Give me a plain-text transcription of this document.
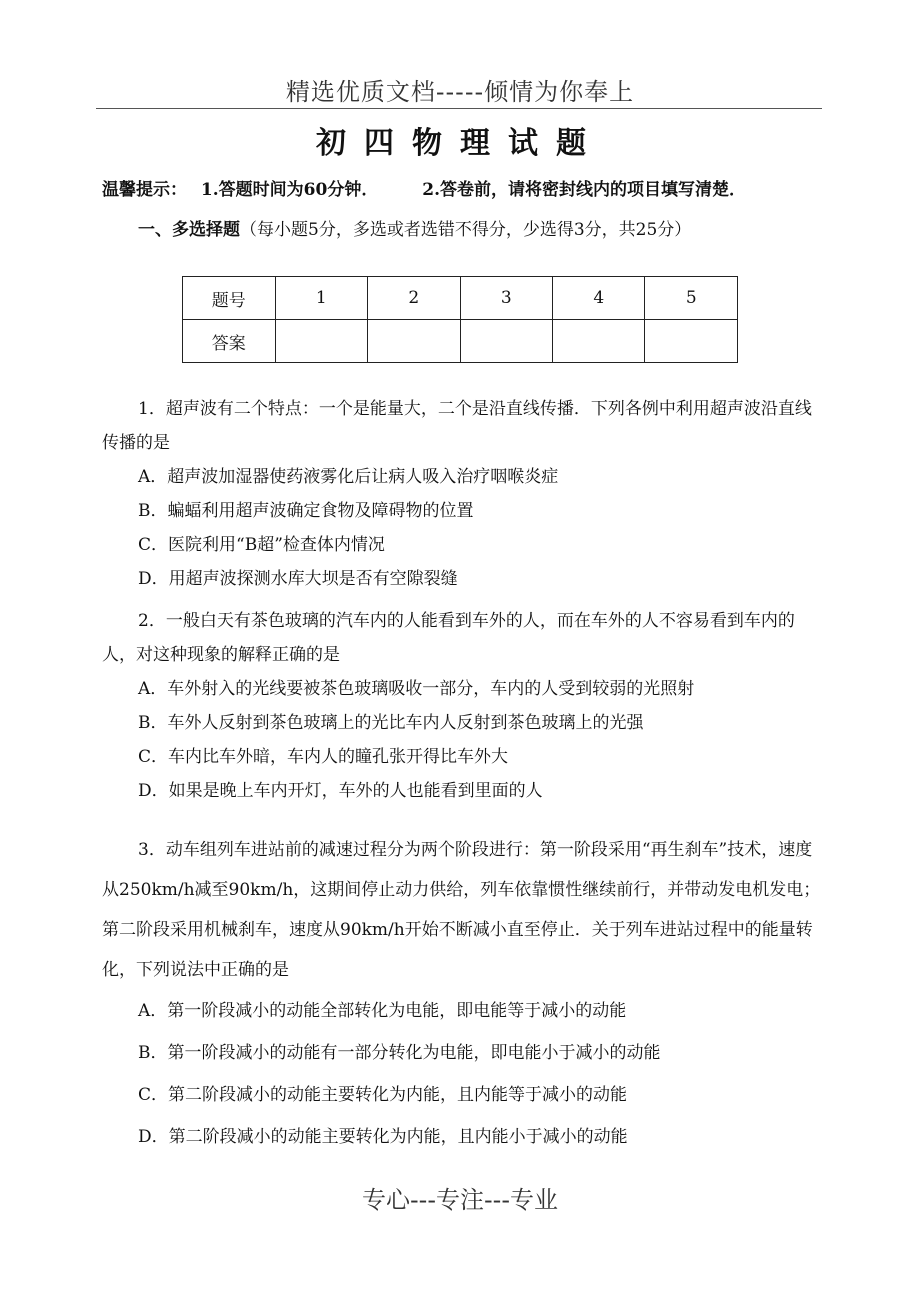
精选优质文档-----倾情为你奉上
初四物理试题
温馨提示： 1.答题时间为60分钟．	2.答卷前，请将密封线内的项目填写清楚．
一、多选择题（每小题5分，多选或者选错不得分，少选得3分，共25分）
题号	1	2	3	4	5
答案					

1．超声波有二个特点：一个是能量大，二个是沿直线传播．下列各例中利用超声波沿直线传播的是

A．超声波加湿器使药液雾化后让病人吸入治疗咽喉炎症

B．蝙蝠利用超声波确定食物及障碍物的位置

C．医院利用“B超”检查体内情况

D．用超声波探测水库大坝是否有空隙裂缝

2．一般白天有茶色玻璃的汽车内的人能看到车外的人，而在车外的人不容易看到车内的人，对这种现象的解释正确的是

A．车外射入的光线要被茶色玻璃吸收一部分，车内的人受到较弱的光照射

B．车外人反射到茶色玻璃上的光比车内人反射到茶色玻璃上的光强

C．车内比车外暗，车内人的瞳孔张开得比车外大

D．如果是晚上车内开灯，车外的人也能看到里面的人

3．动车组列车进站前的减速过程分为两个阶段进行：第一阶段采用“再生刹车”技术，速度从250km/h减至90km/h，这期间停止动力供给，列车依靠惯性继续前行，并带动发电机发电；第二阶段采用机械刹车，速度从90km/h开始不断减小直至停止．关于列车进站过程中的能量转化，下列说法中正确的是

A．第一阶段减小的动能全部转化为电能，即电能等于减小的动能

B．第一阶段减小的动能有一部分转化为电能，即电能小于减小的动能

C．第二阶段减小的动能主要转化为内能，且内能等于减小的动能

D．第二阶段减小的动能主要转化为内能，且内能小于减小的动能

专心---专注---专业
